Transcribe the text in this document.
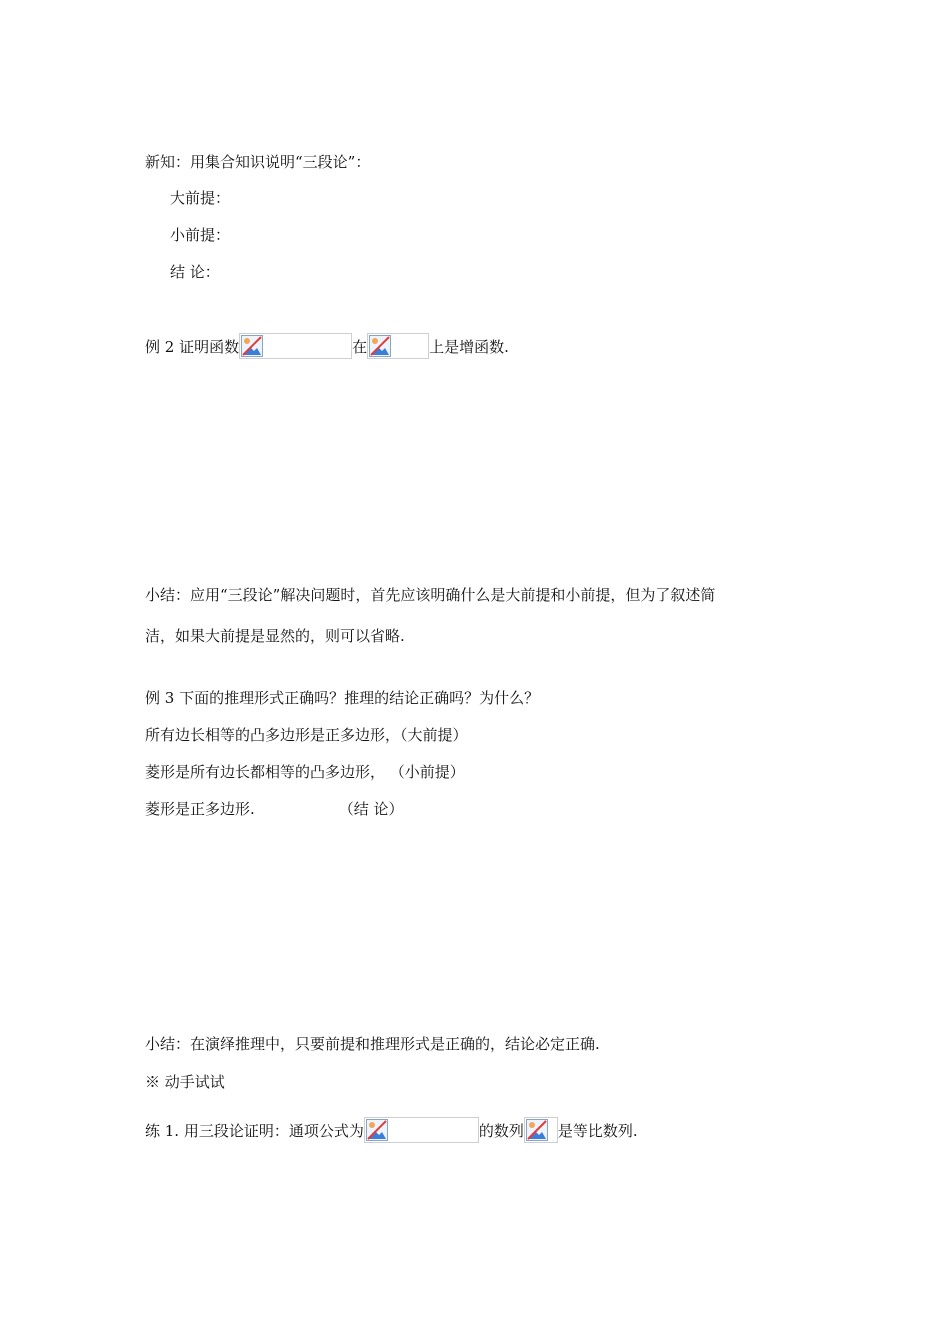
新知：用集合知识说明“三段论”：
大前提：
小前提：
结 论：
例 2 证明函数	在	上是增函数.
小结：应用“三段论”解决问题时，首先应该明确什么是大前提和小前提，但为了叙述简
洁，如果大前提是显然的，则可以省略.
例 3 下面的推理形式正确吗？推理的结论正确吗？为什么？
所有边长相等的凸多边形是正多边形，（大前提）
菱形是所有边长都相等的凸多边形， （小前提）
菱形是正多边形.	（结 论）
小结：在演绎推理中，只要前提和推理形式是正确的，结论必定正确.
※ 动手试试
练 1. 用三段论证明：通项公式为	的数列 是等比数列.
